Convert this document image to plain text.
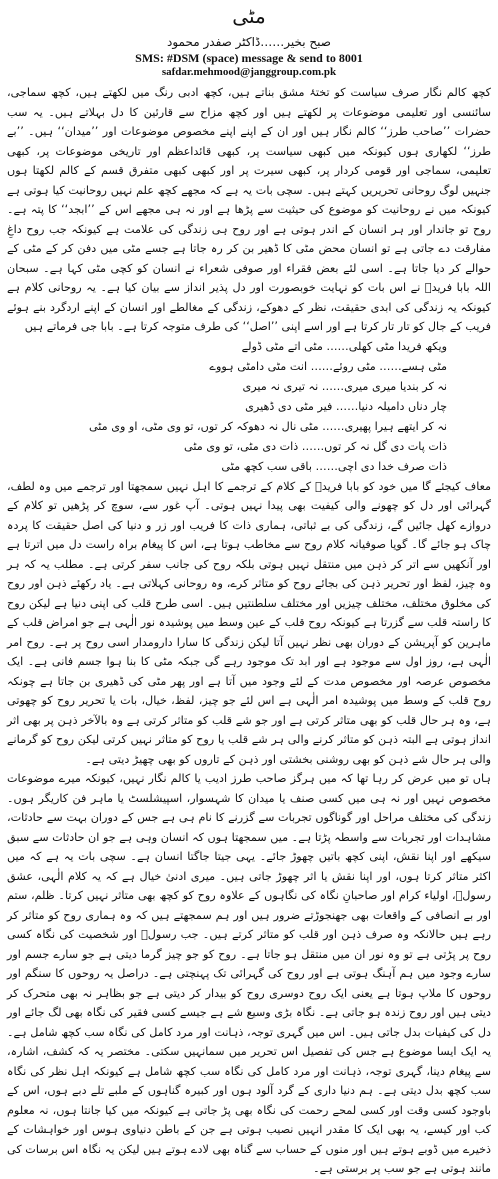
مٹی
صبح بخیر……ڈاکٹر صفدر محمود
SMS: #DSM (space) message & send to 8001
safdar.mehmood@janggroup.com.pk

کچھ کالم نگار صرف سیاست کو تختۂ مشق بناتے ہیں، کچھ ادبی رنگ میں لکھتے ہیں، کچھ سماجی، سائنسی اور تعلیمی موضوعات پر لکھتے ہیں اور کچھ مزاح سے قارئین کا دل بہلاتے ہیں۔ یہ سب حضرات ’’صاحب طرز‘‘ کالم نگار ہیں اور ان کے اپنے اپنے مخصوص موضوعات اور ’’میدان‘‘ ہیں۔ ’’بے طرز‘‘ لکھاری ہوں کیونکہ میں کبھی سیاست پر، کبھی قائداعظم اور تاریخی موضوعات پر، کبھی تعلیمی، سماجی اور قومی کردار پر، کبھی سیرت پر اور کبھی کبھی متفرق قسم کے کالم لکھتا ہوں جنہیں لوگ روحانی تحریریں کہتے ہیں۔ سچی بات یہ ہے کہ مجھے کچھ علم نہیں روحانیت کیا ہوتی ہے کیونکہ میں نے روحانیت کو موضوع کی حیثیت سے پڑھا ہے اور نہ ہی مجھے اس کے ’’ابجد‘‘ کا پتہ ہے۔ روح تو جاندار اور ہر انسان کے اندر ہوتی ہے اور روح ہی زندگی کی علامت ہے کیونکہ جب روح داغِ مفارقت دے جاتی ہے تو انسان محض مٹی کا ڈھیر بن کر رہ جاتا ہے جسے مٹی میں دفن کر کے مٹی کے حوالے کر دیا جاتا ہے۔ اسی لئے بعض فقراء اور صوفی شعراء نے انسان کو کچی مٹی کہا ہے۔ سبحان اللہ بابا فریدؒ نے اس بات کو نہایت خوبصورت اور دل پذیر انداز سے بیان کیا ہے۔ یہ روحانی کلام ہے کیونکہ یہ زندگی کی ابدی حقیقت، نظر کے دھوکے، زندگی کے مغالطے اور انسان کے اپنے اردگرد بنے ہوئے فریب کے جال کو تار تار کرتا ہے اور اسے اپنی ’’اصل‘‘ کی طرف متوجہ کرتا ہے۔ بابا جی فرماتے ہیں

ویکھ فریدا مٹی کھلی…… مٹی اتے مٹی ڈولے
مٹی ہسے…… مٹی روئے…… انت مٹی دامٹی ہووے
نہ کر بندیا میری میری…… نہ تیری نہ میری
چار دناں دامیلہ دنیا…… فیر مٹی دی ڈھیری
نہ کر ایتھے ہیرا پھیری…… مٹی نال نہ دھوکہ کر توں، تو وی مٹی، او وی مٹی
ذات پات دی گل نہ کر توں…… ذات دی مٹی، تو وی مٹی
ذات صرف خدا دی اچی…… باقی سب کچھ مٹی

معاف کیجئے گا میں خود کو بابا فریدؒ کے کلام کے ترجمے کا اہل نہیں سمجھتا اور ترجمے میں وہ لطف، گہرائی اور دل کو چھونے والی کیفیت بھی پیدا نہیں ہوتی۔ آپ غور سے، سوچ کر پڑھیں تو کلام کے دروازے کھل جائیں گے، زندگی کی بے ثباتی، ہماری ذات کا فریب اور زر و دنیا کی اصل حقیقت کا پردہ چاک ہو جائے گا۔ گویا صوفیانہ کلام روح سے مخاطب ہوتا ہے، اس کا پیغام براہ راست دل میں اترتا ہے اور آنکھیں سے اتر کر ذہن میں منتقل نہیں ہوتی بلکہ روح کی جانب سفر کرتی ہے۔ مطلب یہ کہ ہر وہ چیز، لفظ اور تحریر ذہن کی بجائے روح کو متاثر کرے، وہ روحانی کہلاتی ہے۔ یاد رکھئے ذہن اور روح کی مخلوق مختلف، مختلف چیزیں اور مختلف سلطنتیں ہیں۔ اسی طرح قلب کی اپنی دنیا ہے لیکن روح کا راستہ قلب سے گزرتا ہے کیونکہ روح قلب کے عین وسط میں پوشیدہ نور الٰہی ہے جو امراض قلب کے ماہرین کو آپریشن کے دوران بھی نظر نہیں آتا لیکن زندگی کا سارا دارومدار اسی روح پر ہے۔ روح امر الٰہی ہے، روز اول سے موجود ہے اور ابد تک موجود رہے گی جبکہ مٹی کا بنا ہوا جسم فانی ہے۔ ایک مخصوص عرصہ اور مخصوص مدت کے لئے وجود میں آتا ہے اور پھر مٹی کی ڈھیری بن جاتا ہے چونکہ روح قلب کے وسط میں پوشیدہ امر الٰہی ہے اس لئے جو چیز، لفظ، خیال، بات یا تحریر روح کو چھوتی ہے، وہ ہر حال قلب کو بھی متاثر کرتی ہے اور جو شے قلب کو متاثر کرتی ہے وہ بالآخر ذہن پر بھی اثر انداز ہوتی ہے البتہ ذہن کو متاثر کرنے والی ہر شے قلب یا روح کو متاثر نہیں کرتی لیکن روح کو گرمانے والی ہر حال شے ذہن کو بھی روشنی بخشتی اور ذہن کے تاروں کو بھی چھیڑ دیتی ہے۔

ہاں تو میں عرض کر رہا تھا کہ میں ہرگز صاحب طرز ادیب یا کالم نگار نہیں، کیونکہ میرے موضوعات مخصوص نہیں اور نہ ہی میں کسی صنف یا میدان کا شہسوار، اسپیشلسٹ یا ماہر فن کاریگر ہوں۔ زندگی کی مختلف مراحل اور گوناگوں تجربات سے گزرنے کا نام ہی ہے جس کے دوران بہت سے حادثات، مشاہدات اور تجربات سے واسطہ پڑتا ہے۔ میں سمجھتا ہوں کہ انسان وہی ہے جو ان حادثات سے سبق سیکھے اور اپنا نقش، اپنی کچھ باتیں چھوڑ جائے۔ یہی جیتا جاگتا انسان ہے۔ سچی بات یہ ہے کہ میں اکثر متاثر کرتا ہوں، اور اپنا نقش یا اثر چھوڑ جاتی ہیں۔ میری ادنیٰ خیال ہے کہ یہ کلام الٰہی، عشق رسولؐ، اولیاء کرام اور صاحبانِ نگاہ کی نگاہوں کے علاوہ روح کو کچھ بھی متاثر نہیں کرتا۔ ظلم، ستم اور بے انصافی کے واقعات بھی جھنجوڑتے ضرور ہیں اور ہم سمجھتے ہیں کہ وہ ہماری روح کو متاثر کر رہے ہیں حالانکہ وہ صرف ذہن اور قلب کو متاثر کرتے ہیں۔ جب رسولؐ اور شخصیت کی نگاہ کسی روح پر پڑتی ہے تو وہ نور ان میں منتقل ہو جاتا ہے۔ روح کو جو چیز گرما دیتی ہے جو سارے جسم اور سارے وجود میں ہم آہنگ ہوتی ہے اور روح کی گہرائی تک پہنچتی ہے۔ دراصل یہ روحوں کا سنگم اور روحوں کا ملاپ ہوتا ہے یعنی ایک روح دوسری روح کو بیدار کر دیتی ہے جو بظاہر نہ بھی متحرک کر دیتی ہیں اور روح زندہ ہو جاتی ہے۔ نگاہ بڑی وسیع شے ہے جیسے کسی فقیر کی نگاہ بھی لگ جائے اور دل کی کیفیات بدل جاتی ہیں۔ اس میں گہری توجہ، ذہانت اور مرد کامل کی نگاہ سب کچھ شامل ہے۔ یہ ایک ایسا موضوع ہے جس کی تفصیل اس تحریر میں سمانہیں سکتی۔ مختصر یہ کہ کشف، اشارہ، سے پیغام دینا، گہری توجہ، ذہانت اور مرد کامل کی نگاہ سب کچھ شامل ہے کیونکہ اہل نظر کی نگاہ سب کچھ بدل دیتی ہے۔ ہم دنیا داری کے گرد آلود ہوں اور کبیرہ گناہوں کے ملبے تلے دبے ہوں، اس کے باوجود کسی وقت اور کسی لمحے رحمت کی نگاہ بھی پڑ جاتی ہے کیونکہ میں کیا جانتا ہوں، نہ معلوم کب اور کیسے، یہ بھی ایک کا مقدر انہیں نصیب ہوتی ہے جن کے باطن دنیاوی ہوس اور خواہشات کے ذخیرے میں ڈوبے ہوتے ہیں اور منوں کے حساب سے گناہ بھی لادے ہوتے ہیں لیکن یہ نگاہ اس برسات کی مانند ہوتی ہے جو سب پر برستی ہے۔
